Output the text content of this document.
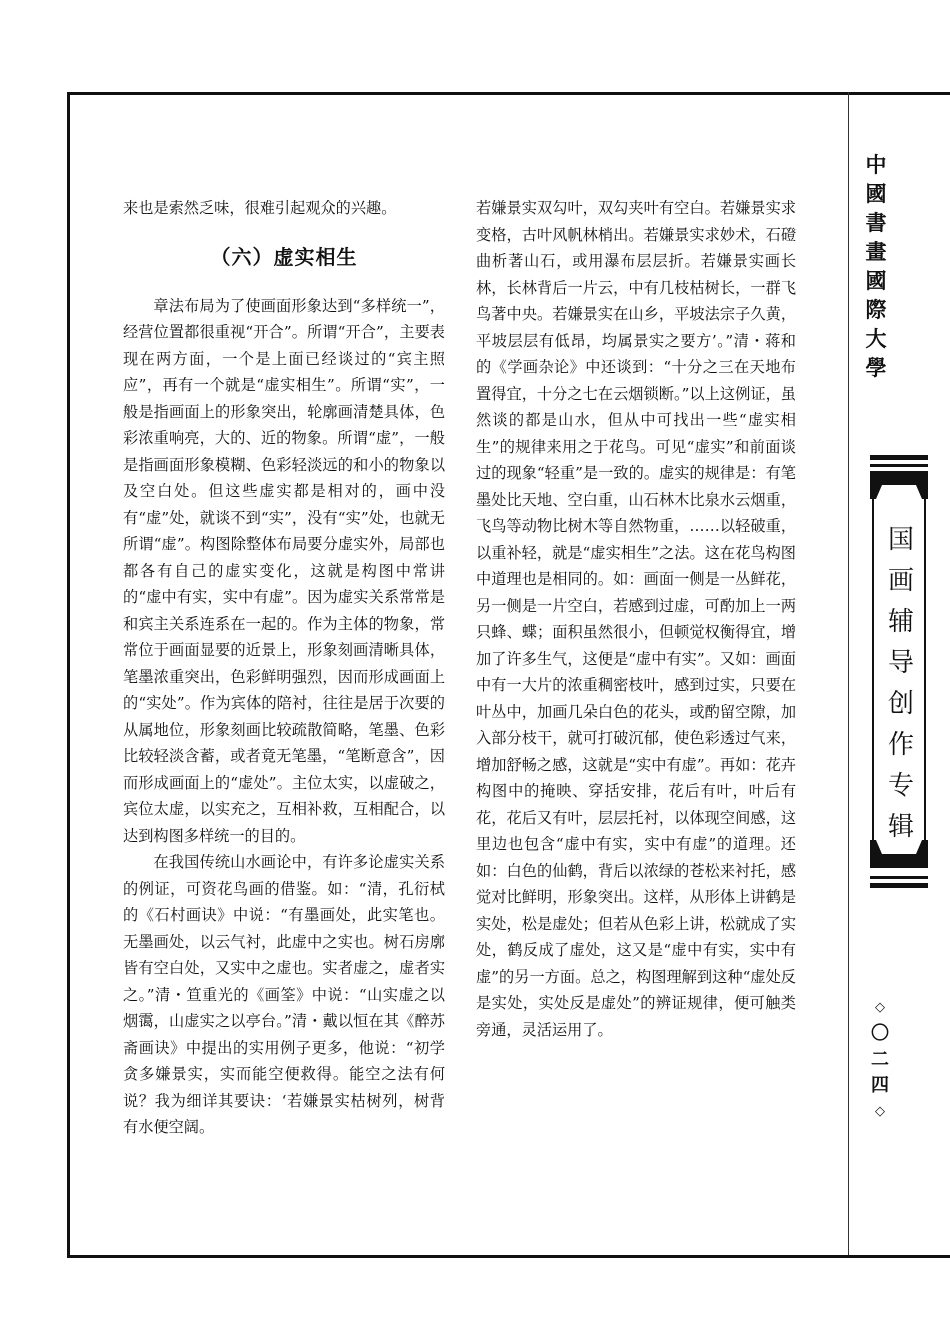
来也是索然乏味，很难引起观众的兴趣。

（六）虚实相生

章法布局为了使画面形象达到“多样统一”，经营位置都很重视“开合”。所谓“开合”，主要表现在两方面，一个是上面已经谈过的“宾主照应”，再有一个就是“虚实相生”。所谓“实”，一般是指画面上的形象突出，轮廓画清楚具体，色彩浓重响亮，大的、近的物象。所谓“虚”，一般是指画面形象模糊、色彩轻淡远的和小的物象以及空白处。但这些虚实都是相对的，画中没有“虚”处，就谈不到“实”，没有“实”处，也就无所谓“虚”。构图除整体布局要分虚实外，局部也都各有自己的虚实变化，这就是构图中常讲的“虚中有实，实中有虚”。因为虚实关系常常是和宾主关系连系在一起的。作为主体的物象，常常位于画面显要的近景上，形象刻画清晰具体，笔墨浓重突出，色彩鲜明强烈，因而形成画面上的“实处”。作为宾体的陪衬，往往是居于次要的从属地位，形象刻画比较疏散简略，笔墨、色彩比较轻淡含蓄，或者竟无笔墨，“笔断意含”，因而形成画面上的“虚处”。主位太实，以虚破之，宾位太虚，以实充之，互相补救，互相配合，以达到构图多样统一的目的。

在我国传统山水画论中，有许多论虚实关系的例证，可资花鸟画的借鉴。如：“清，孔衍栻的《石村画诀》中说：“有墨画处，此实笔也。无墨画处，以云气衬，此虚中之实也。树石房廓皆有空白处，又实中之虚也。实者虚之，虚者实之。”清・笪重光的《画筌》中说：“山实虚之以烟霭，山虚实之以亭台。”清・戴以恒在其《醉苏斋画诀》中提出的实用例子更多，他说：“初学贪多嫌景实，实而能空便救得。能空之法有何说？我为细详其要诀：‘若嫌景实枯树列，树背有水便空阔。

若嫌景实双勾叶，双勾夹叶有空白。若嫌景实求变格，古叶风帆林梢出。若嫌景实求妙术，石磴曲析著山石，或用瀑布层层折。若嫌景实画长林，长林背后一片云，中有几枝枯树长，一群飞鸟著中央。若嫌景实在山乡，平坡法宗子久黄，平坡层层有低昂，均属景实之要方’。”清・蒋和的《学画杂论》中还谈到：“十分之三在天地布置得宜，十分之七在云烟锁断。”以上这例证，虽然谈的都是山水，但从中可找出一些“虚实相生”的规律来用之于花鸟。可见“虚实”和前面谈过的现象“轻重”是一致的。虚实的规律是：有笔墨处比天地、空白重，山石林木比泉水云烟重，飞鸟等动物比树木等自然物重，……以轻破重，以重补轻，就是“虚实相生”之法。这在花鸟构图中道理也是相同的。如：画面一侧是一丛鲜花，另一侧是一片空白，若感到过虚，可酌加上一两只蜂、蝶；面积虽然很小，但顿觉权衡得宜，增加了许多生气，这便是“虚中有实”。又如：画面中有一大片的浓重稠密枝叶，感到过实，只要在叶丛中，加画几朵白色的花头，或酌留空隙，加入部分枝干，就可打破沉郁，使色彩透过气来，增加舒畅之感，这就是“实中有虚”。再如：花卉构图中的掩映、穿括安排，花后有叶，叶后有花，花后又有叶，层层托衬，以体现空间感，这里边也包含“虚中有实，实中有虚”的道理。还如：白色的仙鹤，背后以浓绿的苍松来衬托，感觉对比鲜明，形象突出。这样，从形体上讲鹤是实处，松是虚处；但若从色彩上讲，松就成了实处，鹤反成了虚处，这又是“虚中有实，实中有虚”的另一方面。总之，构图理解到这种“虚处反是实处，实处反是虚处”的辨证规律，便可触类旁通，灵活运用了。

中
國
書
畫
國
際
大
學
国
画
辅
导
创
作
专
辑
◇
〇
二
四
◇
